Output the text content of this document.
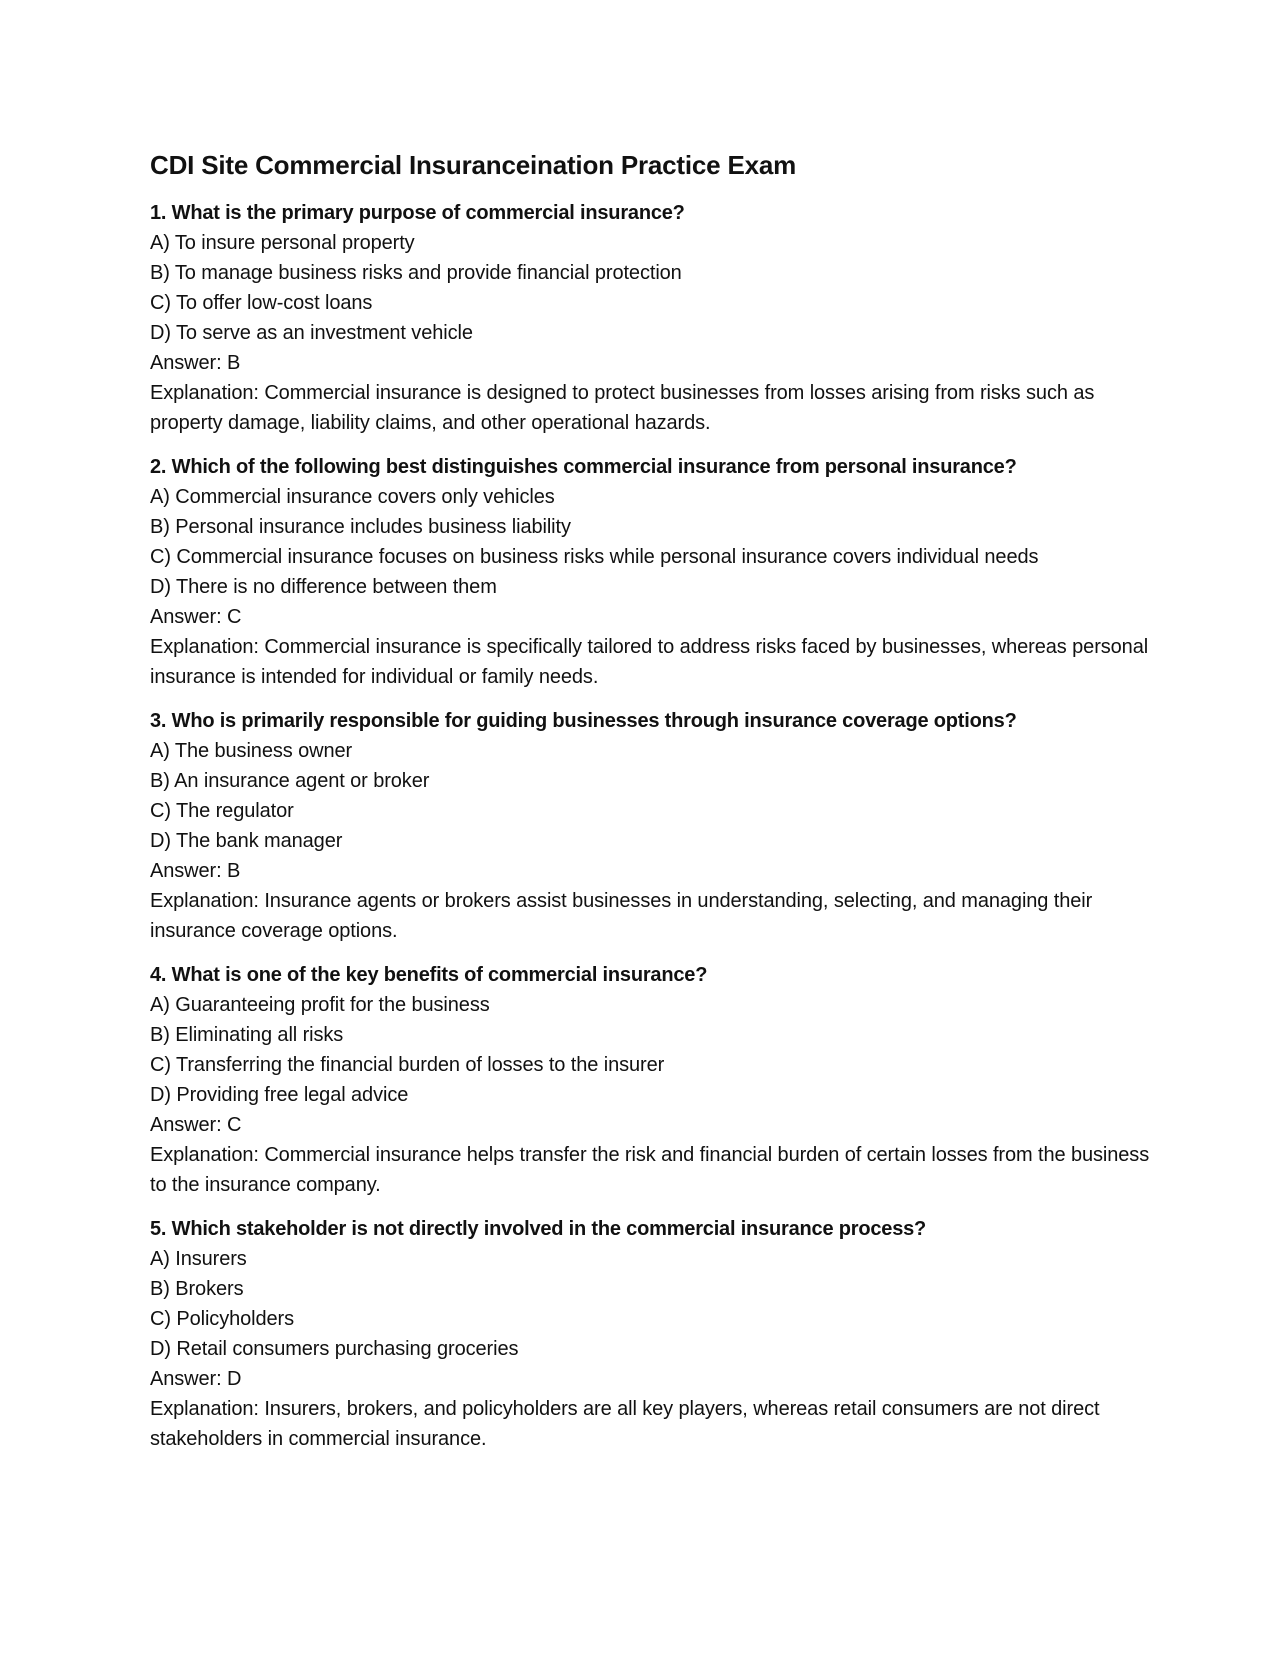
CDI Site Commercial Insuranceination Practice Exam
1. What is the primary purpose of commercial insurance?
A) To insure personal property
B) To manage business risks and provide financial protection
C) To offer low-cost loans
D) To serve as an investment vehicle
Answer: B
Explanation: Commercial insurance is designed to protect businesses from losses arising from risks such as property damage, liability claims, and other operational hazards.
2. Which of the following best distinguishes commercial insurance from personal insurance?
A) Commercial insurance covers only vehicles
B) Personal insurance includes business liability
C) Commercial insurance focuses on business risks while personal insurance covers individual needs
D) There is no difference between them
Answer: C
Explanation: Commercial insurance is specifically tailored to address risks faced by businesses, whereas personal insurance is intended for individual or family needs.
3. Who is primarily responsible for guiding businesses through insurance coverage options?
A) The business owner
B) An insurance agent or broker
C) The regulator
D) The bank manager
Answer: B
Explanation: Insurance agents or brokers assist businesses in understanding, selecting, and managing their insurance coverage options.
4. What is one of the key benefits of commercial insurance?
A) Guaranteeing profit for the business
B) Eliminating all risks
C) Transferring the financial burden of losses to the insurer
D) Providing free legal advice
Answer: C
Explanation: Commercial insurance helps transfer the risk and financial burden of certain losses from the business to the insurance company.
5. Which stakeholder is not directly involved in the commercial insurance process?
A) Insurers
B) Brokers
C) Policyholders
D) Retail consumers purchasing groceries
Answer: D
Explanation: Insurers, brokers, and policyholders are all key players, whereas retail consumers are not direct stakeholders in commercial insurance.
